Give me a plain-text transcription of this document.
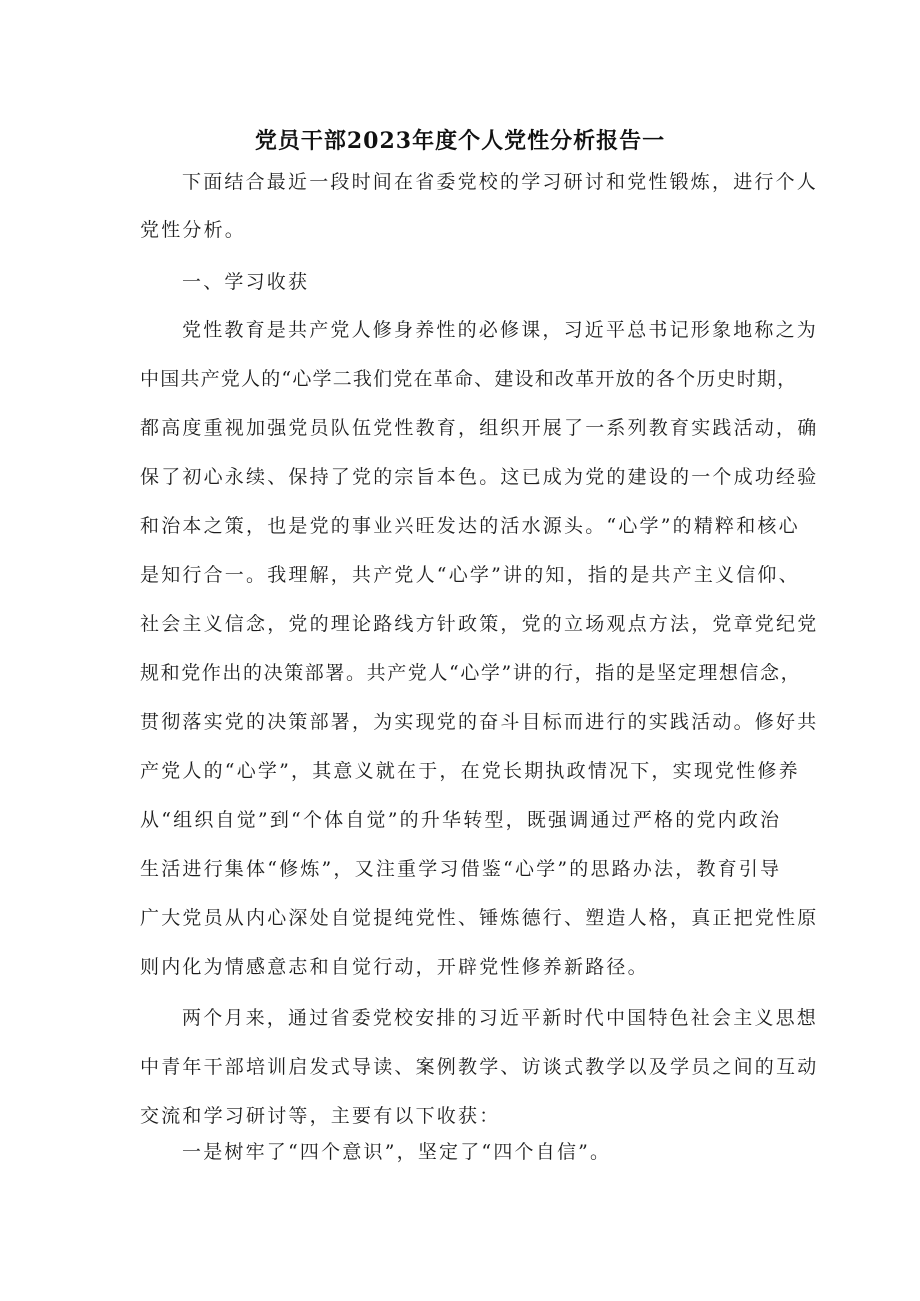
党员干部2023年度个人党性分析报告一
下面结合最近一段时间在省委党校的学习研讨和党性锻炼，进行个人
党性分析。
一、学习收获
党性教育是共产党人修身养性的必修课，习近平总书记形象地称之为
中国共产党人的“心学二我们党在革命、建设和改革开放的各个历史时期，
都高度重视加强党员队伍党性教育，组织开展了一系列教育实践活动，确
保了初心永续、保持了党的宗旨本色。这已成为党的建设的一个成功经验
和治本之策，也是党的事业兴旺发达的活水源头。“心学”的精粹和核心
是知行合一。我理解，共产党人“心学”讲的知，指的是共产主义信仰、
社会主义信念，党的理论路线方针政策，党的立场观点方法，党章党纪党
规和党作出的决策部署。共产党人“心学”讲的行，指的是坚定理想信念，
贯彻落实党的决策部署，为实现党的奋斗目标而进行的实践活动。修好共
产党人的“心学”，其意义就在于，在党长期执政情况下，实现党性修养
从“组织自觉”到“个体自觉”的升华转型，既强调通过严格的党内政治
生活进行集体“修炼”，又注重学习借鉴“心学”的思路办法，教育引导
广大党员从内心深处自觉提纯党性、锤炼德行、塑造人格，真正把党性原
则内化为情感意志和自觉行动，开辟党性修养新路径。
两个月来，通过省委党校安排的习近平新时代中国特色社会主义思想
中青年干部培训启发式导读、案例教学、访谈式教学以及学员之间的互动
交流和学习研讨等，主要有以下收获：
一是树牢了“四个意识”，坚定了“四个自信”。
